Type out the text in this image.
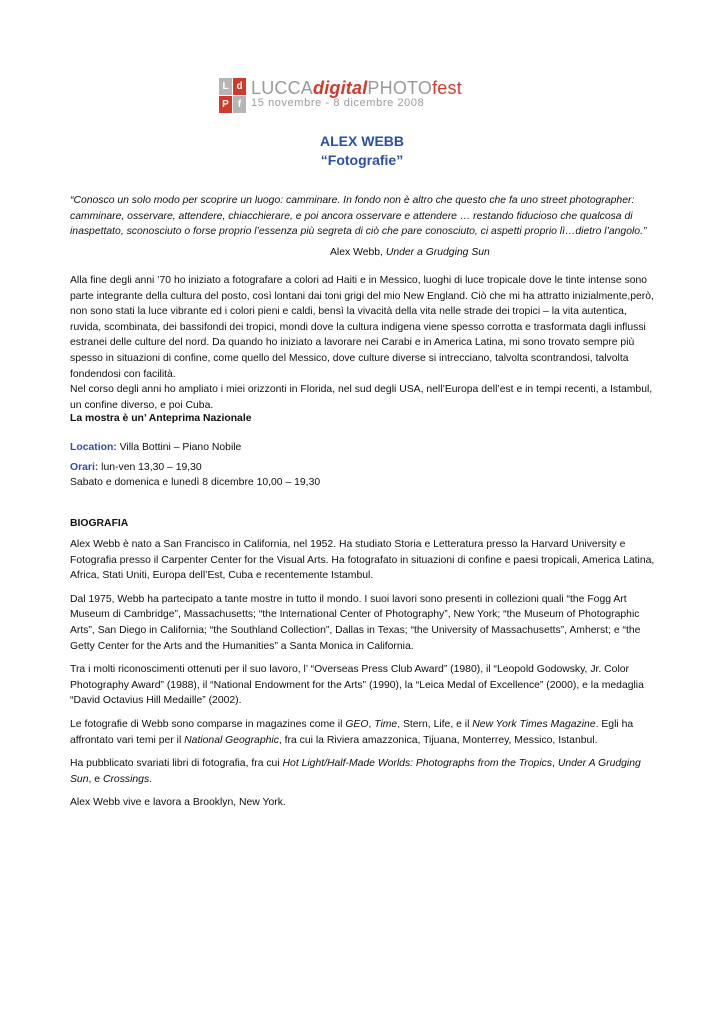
L d
P f
LUCCAdigitalPHOTOfest
15 novembre - 8 dicembre 2008
ALEX WEBB
“Fotografie”
“Conosco un solo modo per scoprire un luogo: camminare. In fondo non è altro che questo che fa uno street photographer: camminare, osservare, attendere, chiacchierare, e poi ancora osservare e attendere … restando fiducioso che qualcosa di inaspettato, sconosciuto o forse proprio l’essenza più segreta di ciò che pare conosciuto, ci aspetti proprio lì…dietro l’angolo.”
Alex Webb, Under a Grudging Sun
Alla fine degli anni ’70 ho iniziato a fotografare a colori ad Haiti e in Messico, luoghi di luce tropicale dove le tinte intense sono parte integrante della cultura del posto, così lontani dai toni grigi del mio New England. Ciò che mi ha attratto inizialmente,però, non sono stati la luce vibrante ed i colori pieni e caldi, bensì la vivacità della vita nelle strade dei tropici – la vita autentica, ruvida, scombinata, dei bassifondi dei tropici, mondi dove la cultura indigena viene spesso corrotta e trasformata dagli influssi estranei delle culture del nord. Da quando ho iniziato a lavorare nei Carabi e in America Latina, mi sono trovato sempre più spesso in situazioni di confine, come quello del Messico, dove culture diverse si intrecciano, talvolta scontrandosi, talvolta fondendosi con facilità.
Nel corso degli anni ho ampliato i miei orizzonti in Florida, nel sud degli USA, nell’Europa dell’est e in tempi recenti, a Istambul, un confine diverso, e poi Cuba.
La mostra è un’ Anteprima Nazionale
Location: Villa Bottini – Piano Nobile
Orari: lun-ven 13,30 – 19,30
Sabato e domenica e lunedì 8 dicembre 10,00 – 19,30
BIOGRAFIA

Alex Webb è nato a San Francisco in California, nel 1952. Ha studiato Storia e Letteratura presso la Harvard University e Fotografia presso il Carpenter Center for the Visual Arts. Ha fotografato in situazioni di confine e paesi tropicali, America Latina, Africa, Stati Uniti, Europa dell’Est, Cuba e recentemente Istambul.

Dal 1975, Webb ha partecipato a tante mostre in tutto il mondo. I suoi lavori sono presenti in collezioni quali “the Fogg Art Museum di Cambridge”, Massachusetts; “the International Center of Photography”, New York; “the Museum of Photographic Arts”, San Diego in California; “the Southland Collection”, Dallas in Texas; “the University of Massachusetts”, Amherst; e “the Getty Center for the Arts and the Humanities” a Santa Monica in California.

Tra i molti riconoscimenti ottenuti per il suo lavoro, l’ “Overseas Press Club Award” (1980), il “Leopold Godowsky, Jr. Color Photography Award” (1988), il “National Endowment for the Arts” (1990), la “Leica Medal of Excellence” (2000), e la medaglia “David Octavius Hill Medaille” (2002).

Le fotografie di Webb sono comparse in magazines come il GEO, Time, Stern, Life, e il New York Times Magazine. Egli ha affrontato vari temi per il National Geographic, fra cui la Riviera amazzonica, Tijuana, Monterrey, Messico, Istanbul.

Ha pubblicato svariati libri di fotografia, fra cui Hot Light/Half-Made Worlds: Photographs from the Tropics, Under A Grudging Sun, e Crossings.

Alex Webb vive e lavora a Brooklyn, New York.
